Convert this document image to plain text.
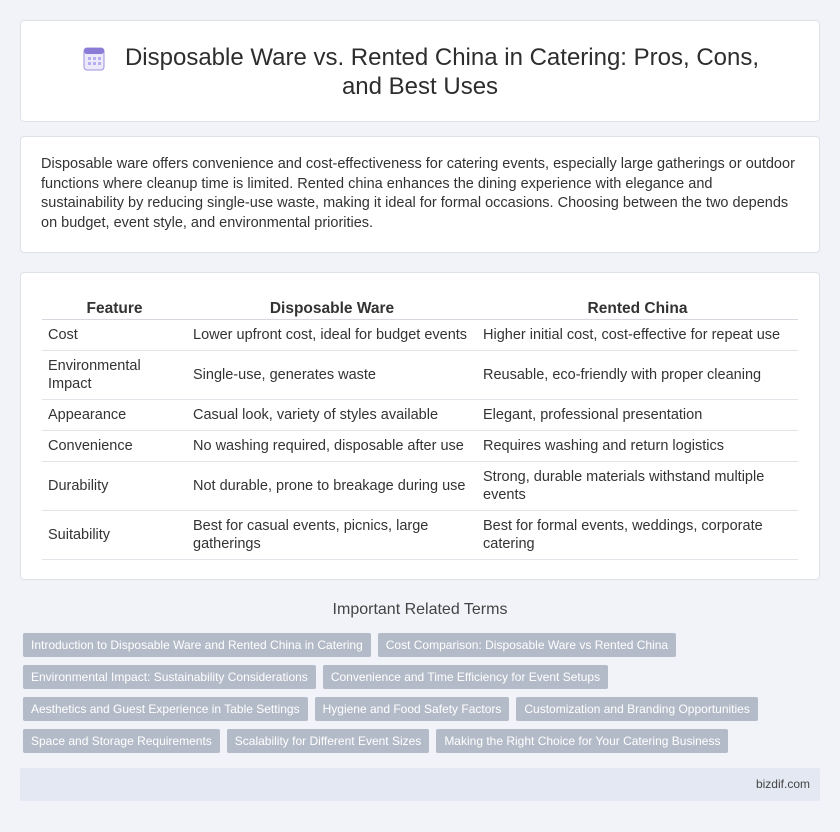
Disposable Ware vs. Rented China in Catering: Pros, Cons, and Best Uses

Disposable ware offers convenience and cost-effectiveness for catering events, especially large gatherings or outdoor functions where cleanup time is limited. Rented china enhances the dining experience with elegance and sustainability by reducing single-use waste, making it ideal for formal occasions. Choosing between the two depends on budget, event style, and environmental priorities.

Feature	Disposable Ware	Rented China
Cost	Lower upfront cost, ideal for budget events	Higher initial cost, cost-effective for repeat use
Environmental Impact	Single-use, generates waste	Reusable, eco-friendly with proper cleaning
Appearance	Casual look, variety of styles available	Elegant, professional presentation
Convenience	No washing required, disposable after use	Requires washing and return logistics
Durability	Not durable, prone to breakage during use	Strong, durable materials withstand multiple events
Suitability	Best for casual events, picnics, large gatherings	Best for formal events, weddings, corporate catering
Important Related Terms
Introduction to Disposable Ware and Rented China in Catering Cost Comparison: Disposable Ware vs Rented China
Environmental Impact: Sustainability Considerations Convenience and Time Efficiency for Event Setups
Aesthetics and Guest Experience in Table Settings Hygiene and Food Safety Factors Customization and Branding Opportunities
Space and Storage Requirements Scalability for Different Event Sizes Making the Right Choice for Your Catering Business
bizdif.com
